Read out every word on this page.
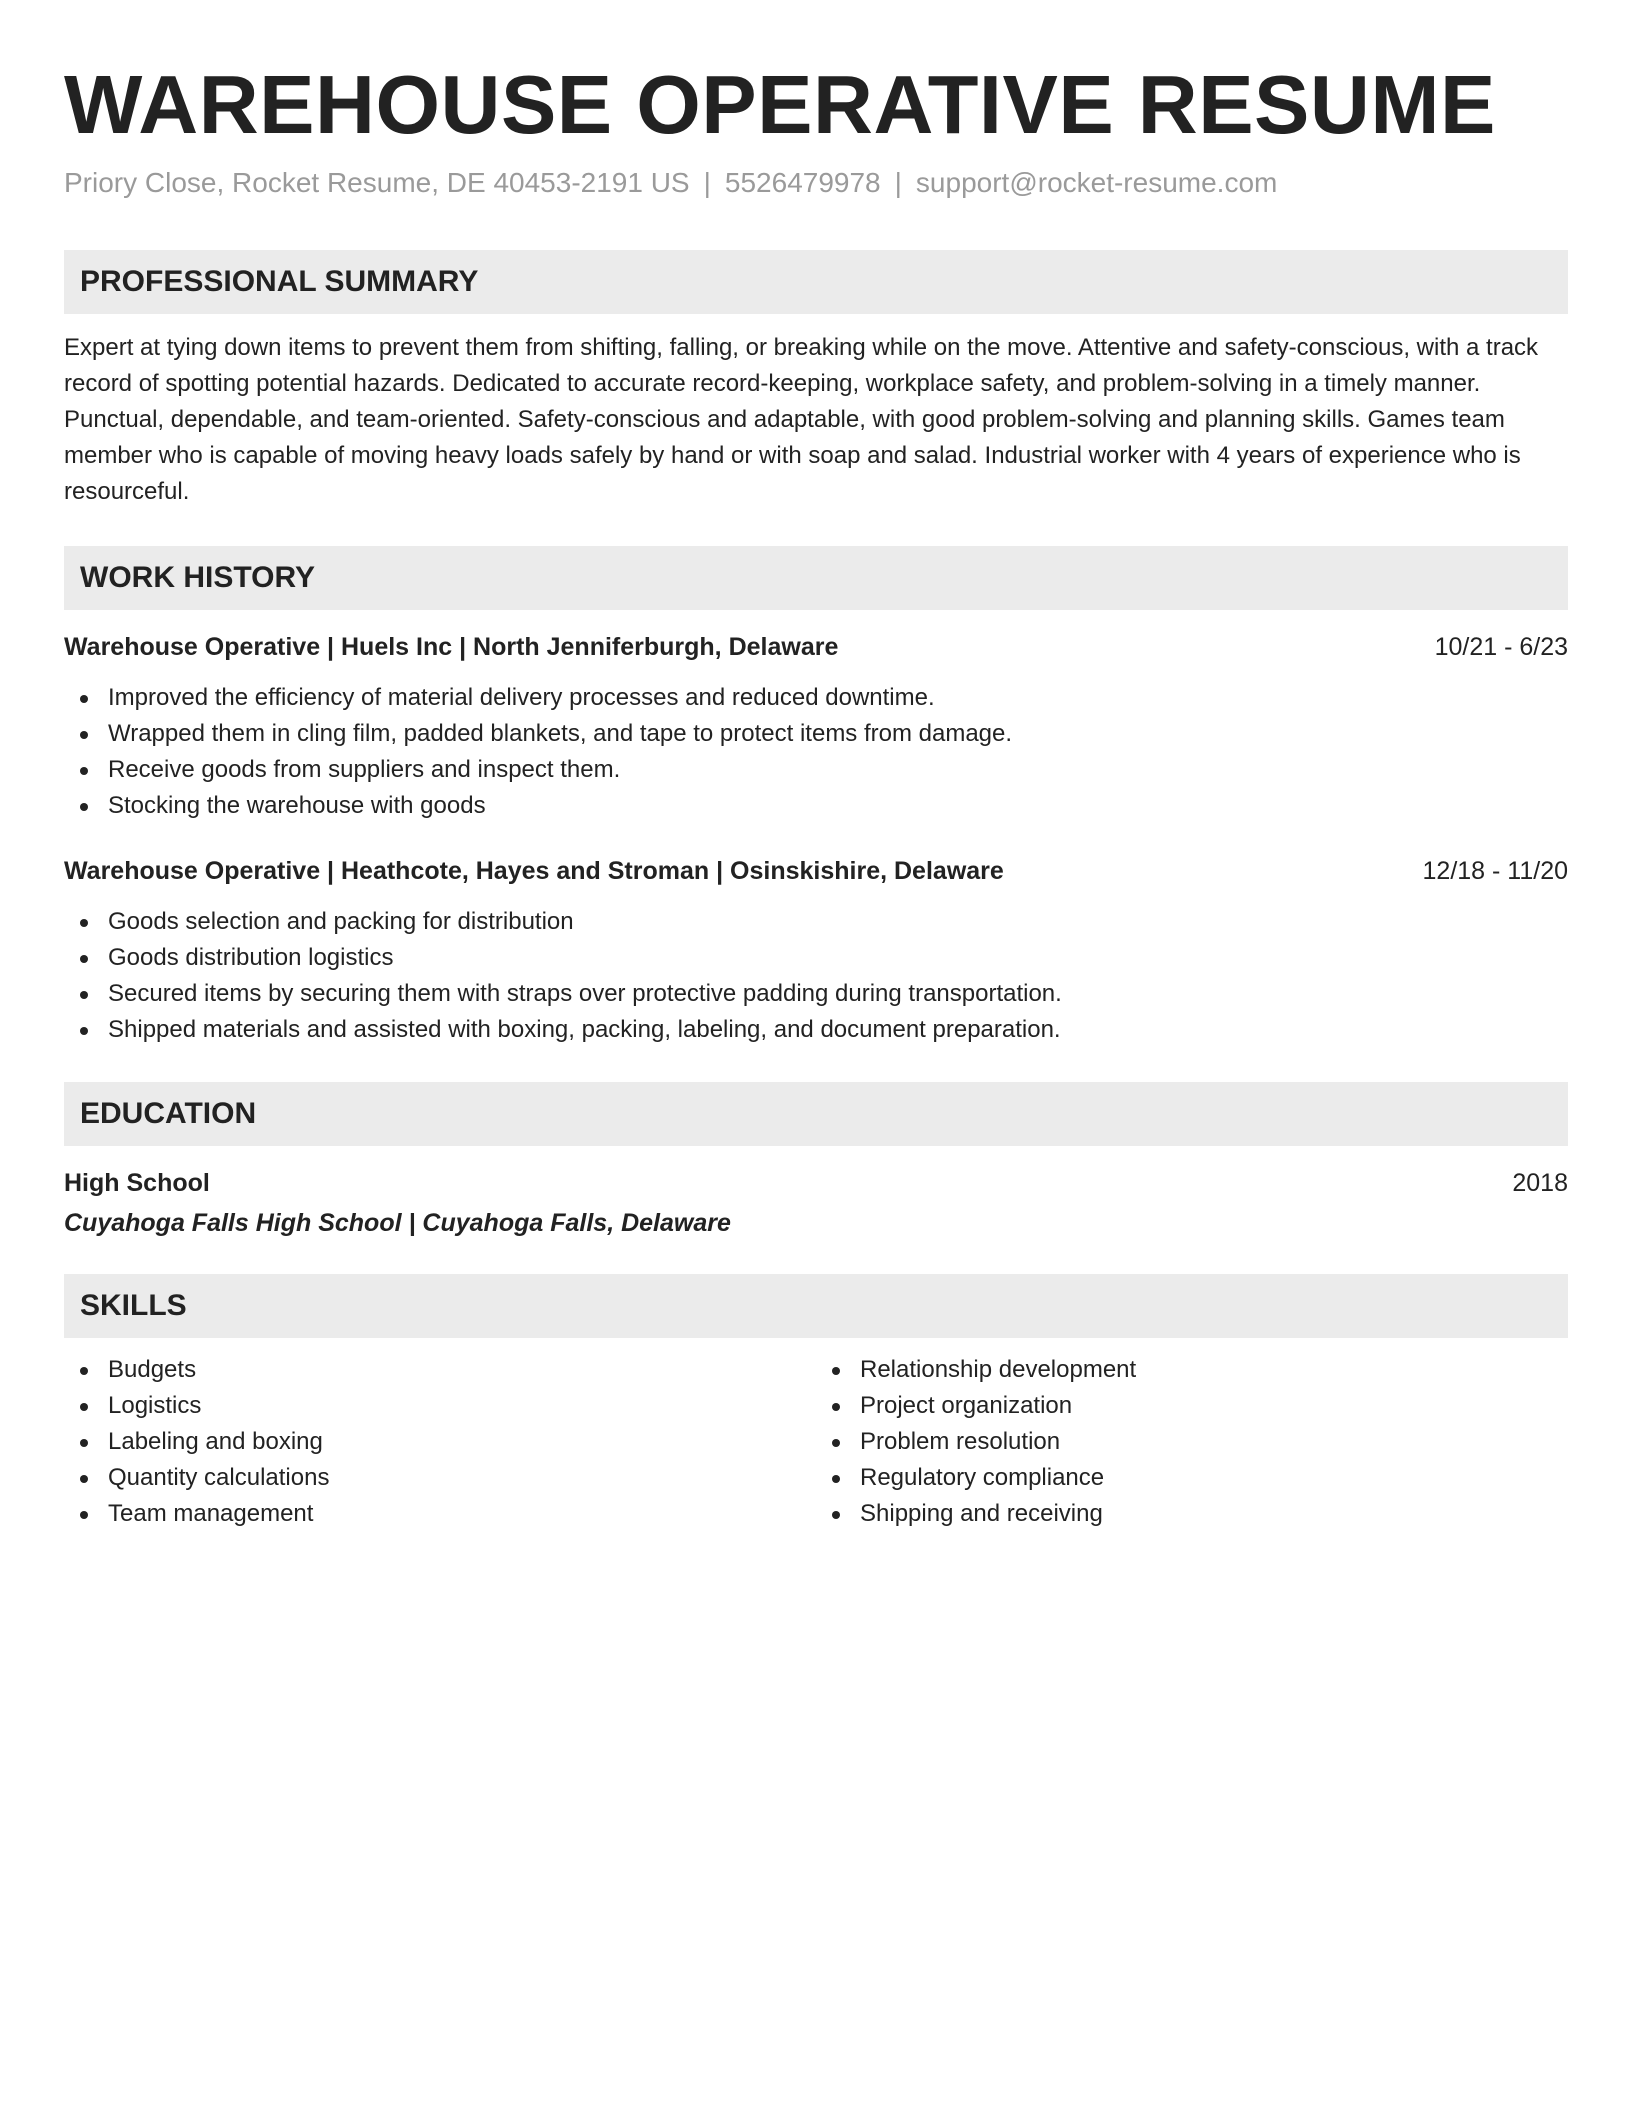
WAREHOUSE OPERATIVE RESUME
Priory Close, Rocket Resume, DE 40453-2191 US | 5526479978 | support@rocket-resume.com
PROFESSIONAL SUMMARY

Expert at tying down items to prevent them from shifting, falling, or breaking while on the move. Attentive and safety-conscious, with a track record of spotting potential hazards. Dedicated to accurate record-keeping, workplace safety, and problem-solving in a timely manner. Punctual, dependable, and team-oriented. Safety-conscious and adaptable, with good problem-solving and planning skills. Games team member who is capable of moving heavy loads safely by hand or with soap and salad. Industrial worker with 4 years of experience who is resourceful.

WORK HISTORY
Warehouse Operative | Huels Inc | North Jenniferburgh, Delaware	10/21 - 6/23
Improved the efficiency of material delivery processes and reduced downtime.
Wrapped them in cling film, padded blankets, and tape to protect items from damage.
Receive goods from suppliers and inspect them.
Stocking the warehouse with goods
Warehouse Operative | Heathcote, Hayes and Stroman | Osinskishire, Delaware	12/18 - 11/20
Goods selection and packing for distribution
Goods distribution logistics
Secured items by securing them with straps over protective padding during transportation.
Shipped materials and assisted with boxing, packing, labeling, and document preparation.
EDUCATION
High School	2018
Cuyahoga Falls High School | Cuyahoga Falls, Delaware
SKILLS
Budgets
Logistics
Labeling and boxing
Quantity calculations
Team management
Relationship development
Project organization
Problem resolution
Regulatory compliance
Shipping and receiving
